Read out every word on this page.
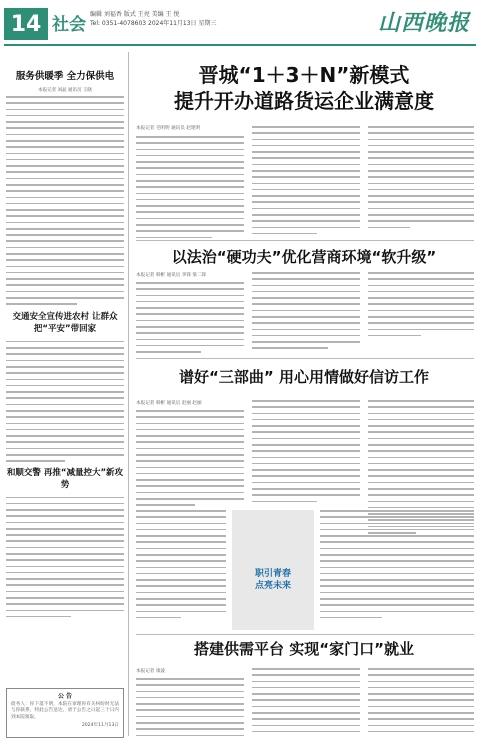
14 社会
编辑 刘福香 版式 王亮 美编 王 悦
Tel: 0351-4078603 2024年11月13日 星期三	山西晚报
服务供暖季 全力保供电
本报记者 刘晶 通讯员 王晓
交通安全宣传进农村 让群众把“平安”带回家
和顺交警 再推“减量控大”新攻势
公 告
债务人：你下落不明，本院在审理你有关纠纷时无法与你联系，特此公告送达，请于公告之日起三十日内到本院领取。
2024年11月13日
晋城“1＋3＋N”新模式
提升开办道路货运企业满意度
本报记者 毛明明 通讯员 赵建明
以法治“硬功夫”优化营商环境“软升级”
本报记者 韩彬 通讯员 李锋 梁二锋
谱好“三部曲” 用心用情做好信访工作
本报记者 韩彬 通讯员 赵丽 赵丽
职引青春
点亮未来
搭建供需平台 实现“家门口”就业
本报记者 康波
